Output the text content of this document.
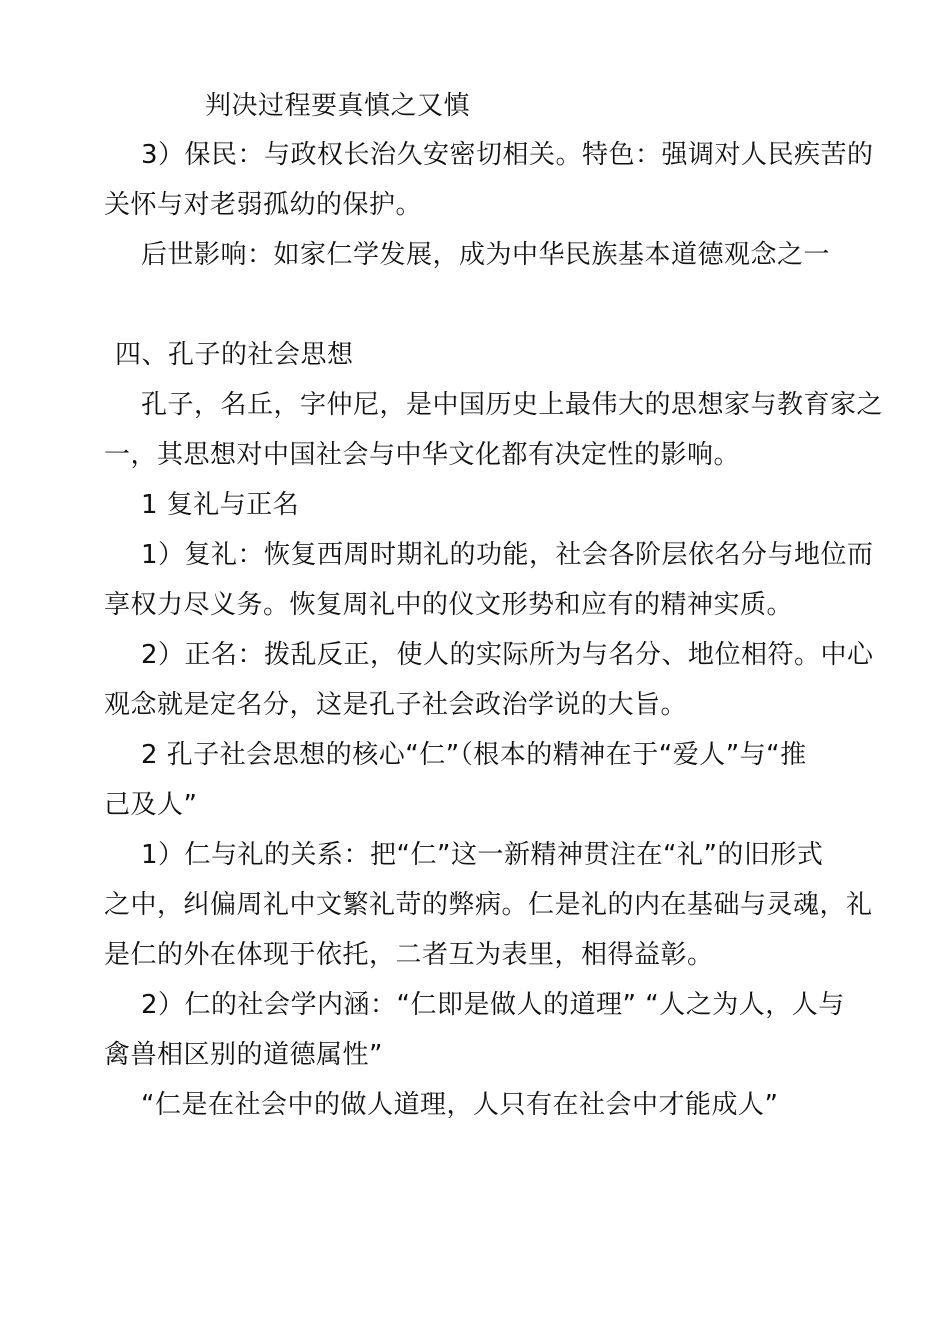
判决过程要真慎之又慎
3）保民：与政权长治久安密切相关。特色：强调对人民疾苦的
关怀与对老弱孤幼的保护。
后世影响：如家仁学发展，成为中华民族基本道德观念之一
四、孔子的社会思想
孔子，名丘，字仲尼，是中国历史上最伟大的思想家与教育家之
一，其思想对中国社会与中华文化都有决定性的影响。
1 复礼与正名
1）复礼：恢复西周时期礼的功能，社会各阶层依名分与地位而
享权力尽义务。恢复周礼中的仪文形势和应有的精神实质。
2）正名：拨乱反正，使人的实际所为与名分、地位相符。中心
观念就是定名分，这是孔子社会政治学说的大旨。
2 孔子社会思想的核心“仁”（根本的精神在于“爱人”与“推
己及人”
1）仁与礼的关系：把“仁”这一新精神贯注在“礼”的旧形式
之中，纠偏周礼中文繁礼苛的弊病。仁是礼的内在基础与灵魂，礼
是仁的外在体现于依托，二者互为表里，相得益彰。
2）仁的社会学内涵：“仁即是做人的道理” “人之为人，人与
禽兽相区别的道德属性”
“仁是在社会中的做人道理，人只有在社会中才能成人”
